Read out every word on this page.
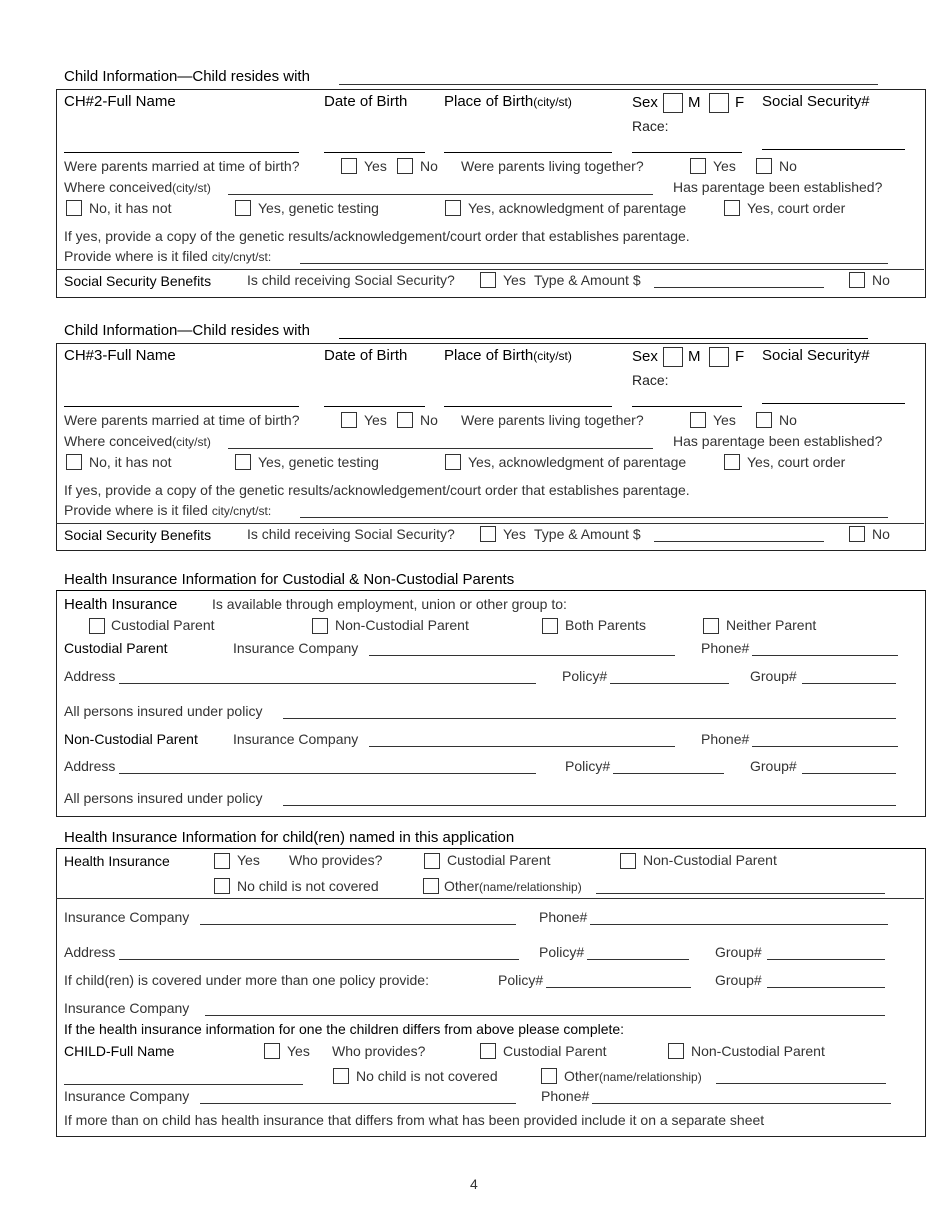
Child Information—Child resides with
CH#2-Full Name	Date of Birth Place of Birth(city/st)	Sex M F Social Security#
Race:
Were parents married at time of birth?	Yes No Were parents living together?	Yes	No
Where conceived(city/st)	Has parentage been established?
No, it has not	Yes, genetic testing	Yes, acknowledgment of parentage	Yes, court order
If yes, provide a copy of the genetic results/acknowledgement/court order that establishes parentage.
Provide where is it filed city/cnyt/st:
Social Security Benefits	Is child receiving Social Security?	Yes Type & Amount $	No
Child Information—Child resides with
CH#3-Full Name	Date of Birth Place of Birth(city/st)	Sex M F Social Security#
Race:
Were parents married at time of birth?	Yes No Were parents living together?	Yes	No
Where conceived(city/st)	Has parentage been established?
No, it has not	Yes, genetic testing	Yes, acknowledgment of parentage	Yes, court order
If yes, provide a copy of the genetic results/acknowledgement/court order that establishes parentage.
Provide where is it filed city/cnyt/st:
Social Security Benefits	Is child receiving Social Security?	Yes Type & Amount $	No
Health Insurance Information for Custodial & Non-Custodial Parents
Health Insurance Is available through employment, union or other group to:
Custodial Parent	Non-Custodial Parent	Both Parents	Neither Parent
Custodial Parent	Insurance Company	Phone#
Address	Policy#	Group#
All persons insured under policy
Non-Custodial Parent	Insurance Company	Phone#
Address	Policy#	Group#
All persons insured under policy
Health Insurance Information for child(ren) named in this application
Health Insurance	Yes Who provides?	Custodial Parent	Non-Custodial Parent
No child is not covered	Other(name/relationship)
Insurance Company	Phone#
Address	Policy#	Group#
If child(ren) is covered under more than one policy provide:	Policy#	Group#
Insurance Company
If the health insurance information for one the children differs from above please complete:
CHILD-Full Name	Yes Who provides?	Custodial Parent	Non-Custodial Parent
No child is not covered	Other(name/relationship)
Insurance Company	Phone#
If more than on child has health insurance that differs from what has been provided include it on a separate sheet
4
